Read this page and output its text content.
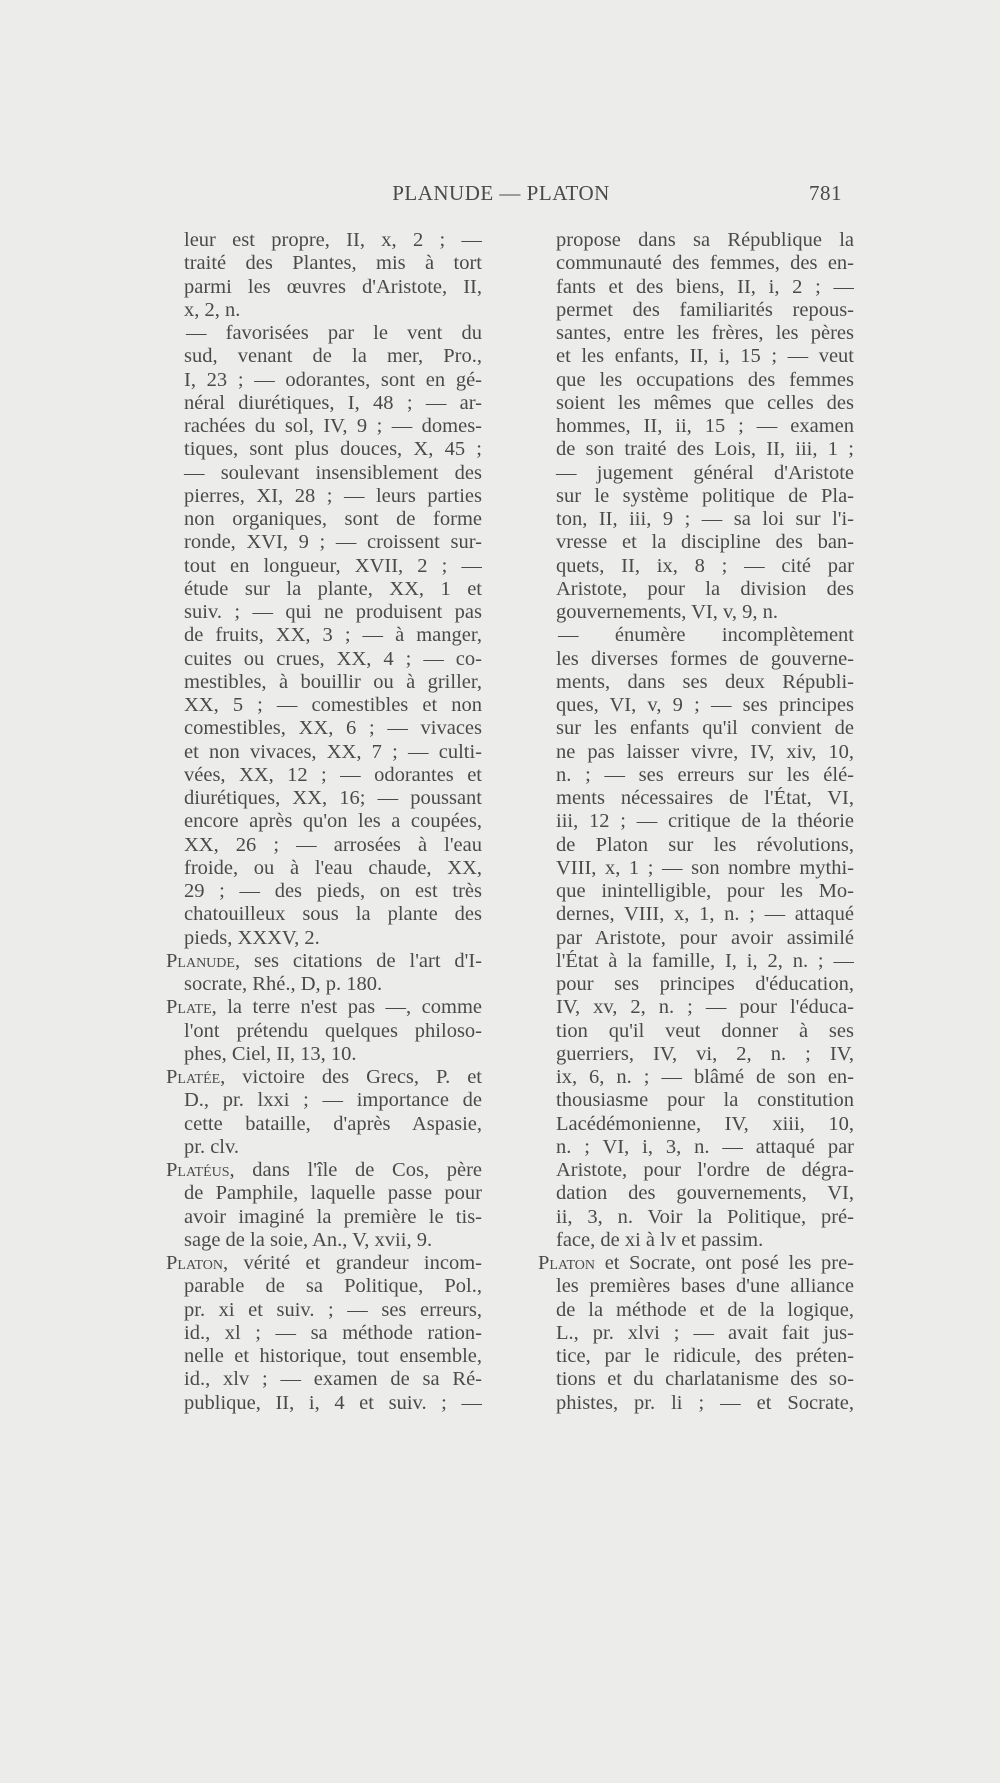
PLANUDE — PLATON	781
leur est propre, II, x, 2 ; —
traité des Plantes, mis à tort
parmi les œuvres d'Aristote, II,
x, 2, n.
— favorisées par le vent du
sud, venant de la mer, Pro.,
I, 23 ; — odorantes, sont en gé-
néral diurétiques, I, 48 ; — ar-
rachées du sol, IV, 9 ; — domes-
tiques, sont plus douces, X, 45 ;
— soulevant insensiblement des
pierres, XI, 28 ; — leurs parties
non organiques, sont de forme
ronde, XVI, 9 ; — croissent sur-
tout en longueur, XVII, 2 ; —
étude sur la plante, XX, 1 et
suiv. ; — qui ne produisent pas
de fruits, XX, 3 ; — à manger,
cuites ou crues, XX, 4 ; — co-
mestibles, à bouillir ou à griller,
XX, 5 ; — comestibles et non
comestibles, XX, 6 ; — vivaces
et non vivaces, XX, 7 ; — culti-
vées, XX, 12 ; — odorantes et
diurétiques, XX, 16; — poussant
encore après qu'on les a coupées,
XX, 26 ; — arrosées à l'eau
froide, ou à l'eau chaude, XX,
29 ; — des pieds, on est très
chatouilleux sous la plante des
pieds, XXXV, 2.
Planude, ses citations de l'art d'I-
socrate, Rhé., D, p. 180.
Plate, la terre n'est pas —, comme
l'ont prétendu quelques philoso-
phes, Ciel, II, 13, 10.
Platée, victoire des Grecs, P. et
D., pr. lxxi ; — importance de
cette bataille, d'après Aspasie,
pr. clv.
Platéus, dans l'île de Cos, père
de Pamphile, laquelle passe pour
avoir imaginé la première le tis-
sage de la soie, An., V, xvii, 9.
Platon, vérité et grandeur incom-
parable de sa Politique, Pol.,
pr. xi et suiv. ; — ses erreurs,
id., xl ; — sa méthode ration-
nelle et historique, tout ensemble,
id., xlv ; — examen de sa Ré-
publique, II, i, 4 et suiv. ; —
propose dans sa République la
communauté des femmes, des en-
fants et des biens, II, i, 2 ; —
permet des familiarités repous-
santes, entre les frères, les pères
et les enfants, II, i, 15 ; — veut
que les occupations des femmes
soient les mêmes que celles des
hommes, II, ii, 15 ; — examen
de son traité des Lois, II, iii, 1 ;
— jugement général d'Aristote
sur le système politique de Pla-
ton, II, iii, 9 ; — sa loi sur l'i-
vresse et la discipline des ban-
quets, II, ix, 8 ; — cité par
Aristote, pour la division des
gouvernements, VI, v, 9, n.
— énumère incomplètement
les diverses formes de gouverne-
ments, dans ses deux Républi-
ques, VI, v, 9 ; — ses principes
sur les enfants qu'il convient de
ne pas laisser vivre, IV, xiv, 10,
n. ; — ses erreurs sur les élé-
ments nécessaires de l'État, VI,
iii, 12 ; — critique de la théorie
de Platon sur les révolutions,
VIII, x, 1 ; — son nombre mythi-
que inintelligible, pour les Mo-
dernes, VIII, x, 1, n. ; — attaqué
par Aristote, pour avoir assimilé
l'État à la famille, I, i, 2, n. ; —
pour ses principes d'éducation,
IV, xv, 2, n. ; — pour l'éduca-
tion qu'il veut donner à ses
guerriers, IV, vi, 2, n. ; IV,
ix, 6, n. ; — blâmé de son en-
thousiasme pour la constitution
Lacédémonienne, IV, xiii, 10,
n. ; VI, i, 3, n. — attaqué par
Aristote, pour l'ordre de dégra-
dation des gouvernements, VI,
ii, 3, n. Voir la Politique, pré-
face, de xi à lv et passim.
Platon et Socrate, ont posé les pre-
les premières bases d'une alliance
de la méthode et de la logique,
L., pr. xlvi ; — avait fait jus-
tice, par le ridicule, des préten-
tions et du charlatanisme des so-
phistes, pr. li ; — et Socrate,
